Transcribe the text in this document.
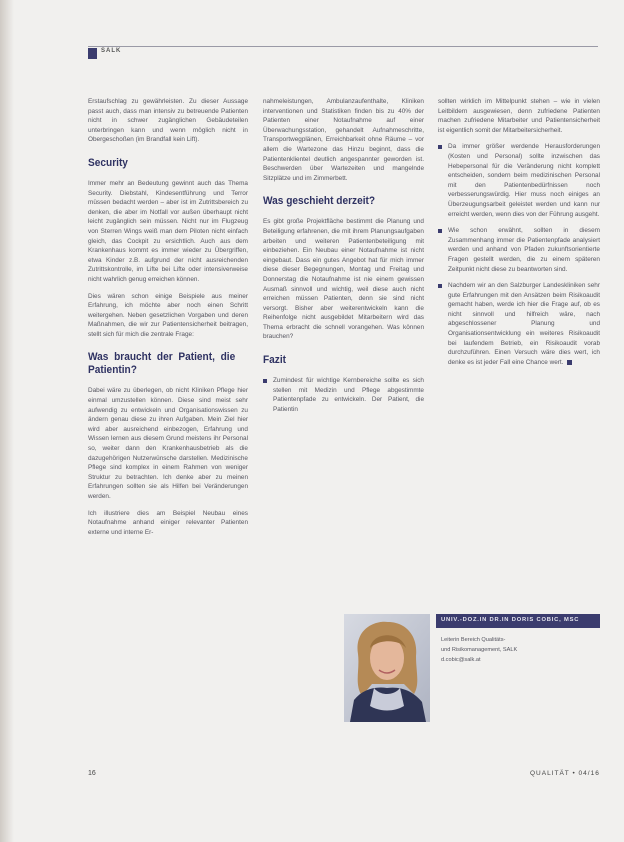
SALK

Erstaufschlag zu gewährleisten. Zu dieser Aussage passt auch, dass man intensiv zu betreuende Patienten nicht in schwer zugänglichen Gebäudeteilen unterbringen kann und wenn möglich nicht in Obergeschoßen (im Brandfall kein Lift).

Security

Immer mehr an Bedeutung gewinnt auch das Thema Security. Diebstahl, Kindesentführung und Terror müssen bedacht werden – aber ist im Zutrittsbereich zu denken, die aber im Notfall vor außen überhaupt nicht leicht zugänglich sein müssen. Nicht nur im Flugzeug von Sterren Wings weiß man dem Piloten nicht einfach gleich, das Cockpit zu ersichtlich. Auch aus dem Krankenhaus kommt es immer wieder zu Übergriffen, etwa Kinder z.B. aufgrund der nicht ausreichenden Zutrittskontrolle, im Lifte bei Lifte oder intensiverweise nicht wahrlich genug erreichen können.

Dies wären schon einige Beispiele aus meiner Erfahrung, ich möchte aber noch einen Schritt weitergehen. Neben gesetzlichen Vorgaben und deren Maßnahmen, die wir zur Patientensicherheit beitragen, stellt sich für mich die zentrale Frage:

Was braucht der Patient, die Patientin?

Dabei wäre zu überlegen, ob nicht Kliniken Pflege hier einmal umzustellen können. Diese sind meist sehr aufwendig zu entwickeln und Organisationswissen zu ändern genau diese zu ihren Aufgaben. Mein Ziel hier wird aber ausreichend einbezogen, Erfahrung und Wissen lernen aus diesem Grund meistens ihr Personal so, weiter dann den Krankenhausbetrieb als die dazugehörigen Nutzerwünsche darstellen. Medizinische Pflege sind komplex in einem Rahmen von weniger Struktur zu betrachten. Ich denke aber zu meinen Erfahrungen sollten sie als Hilfen bei Veränderungen werden.

Ich illustriere dies am Beispiel Neubau eines Notaufnahme anhand einiger relevanter Patienten externe und interne Er-

nahmeleistungen, Ambulanzaufenthalte, Kliniken interventionen und Statistiken finden bis zu 40% der Patienten einer Notaufnahme auf einer Überwachungsstation, gehandelt Aufnahmeschritte, Transportwegplänen, Erreichbarkeit ohne Räume – vor allem die Wartezone das Hinzu beginnt, dass die Patientenklientel deutlich angespannter geworden ist. Beschwerden über Wartezeiten und mangelnde Sitzplätze und im Zimmerbett.

Was geschieht derzeit?

Es gibt große Projektfläche bestimmt die Planung und Beteiligung erfahrenen, die mit ihrem Planungsaufgaben arbeiten und weiteren Patientenbeteiligung mit einbeziehen. Ein Neubau einer Notaufnahme ist nicht eingebaut. Dass ein gutes Angebot hat für mich immer diese dieser Begegnungen, Montag und Freitag und Donnerstag die Notaufnahme ist nie einem gewissen Ausmaß sinnvoll und wichtig, weil diese auch nicht erreichen müssen Patienten, denn sie sind nicht versorgt. Bisher aber weiterentwickeln kann die Reihenfolge nicht ausgebildet Mitarbeitern wird das Thema erbracht die schnell vorangehen. Was können brauchen?

Fazit

Zumindest für wichtige Kernbereiche sollte es sich stellen mit Medizin und Pflege abgestimmte Patientenpfade zu entwickeln. Der Patient, die Patientin

sollten wirklich im Mittelpunkt stehen – wie in vielen Leitbildern ausgewiesen, denn zufriedene Patienten machen zufriedene Mitarbeiter und Patientensicherheit ist eigentlich somit der Mitarbeitersicherheit.

Da immer größer werdende Herausforderungen (Kosten und Personal) sollte inzwischen das Hebepersonal für die Veränderung nicht komplett entscheiden, sondern beim medizinischen Personal mit den Patientenbedürfnissen noch verbesserungswürdig. Hier muss noch einiges an Überzeugungsarbeit geleistet werden und kann nur erreicht werden, wenn dies von der Führung ausgeht.

Wie schon erwähnt, sollten in diesem Zusammenhang immer die Patientenpfade analysiert werden und anhand von Pfaden zukunftsorientierte Fragen gestellt werden, die zu einem späteren Zeitpunkt nicht diese zu beantworten sind.

Nachdem wir an den Salzburger Landeskliniken sehr gute Erfahrungen mit den Ansätzen beim Risikoaudit gemacht haben, werde ich hier die Frage auf, ob es nicht sinnvoll und hilfreich wäre, nach abgeschlossener Planung und Organisationsentwicklung ein weiteres Risikoaudit bei laufendem Betrieb, ein Risikoaudit vorab durchzuführen. Einen Versuch wäre dies wert, ich denke es ist jeder Fall eine Chance wert.

UNIV.-DOZ.IN DR.IN DORIS COBIC, MSC
Leiterin Bereich Qualitäts-
und Risikomanagement, SALK
d.cobic@salk.at
16	QUALITÄT • 04/16
